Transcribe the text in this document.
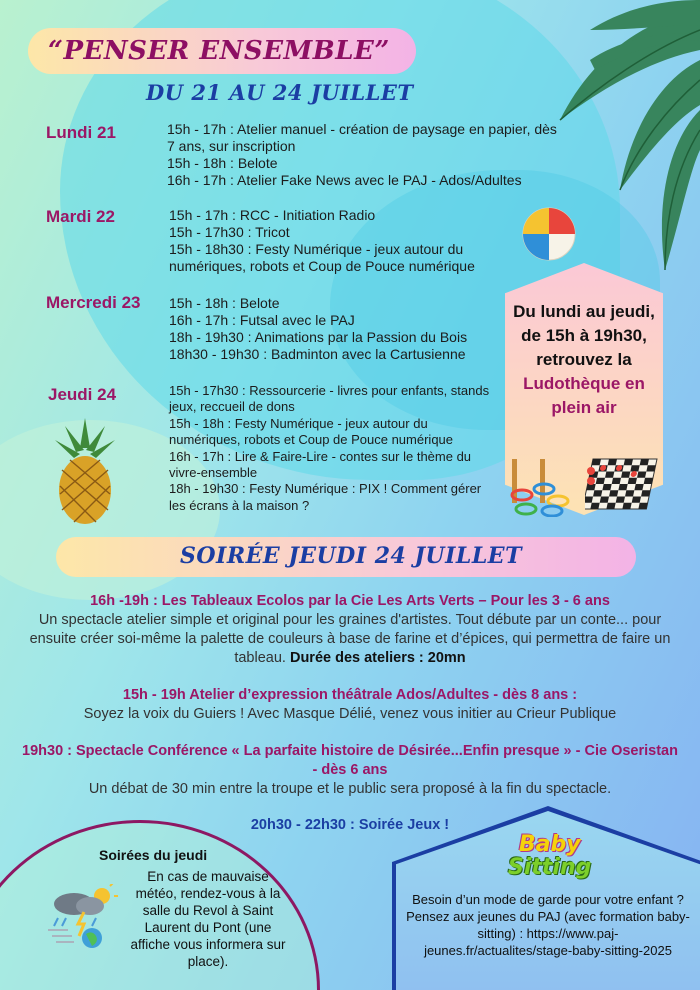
“PENSER ENSEMBLE”
DU 21 AU 24 JUILLET
Lundi 21	15h - 17h : Atelier manuel - création de paysage en papier, dès 7 ans, sur inscription
15h - 18h : Belote
16h - 17h : Atelier Fake News avec le PAJ - Ados/Adultes
Mardi 22	15h - 17h : RCC - Initiation Radio
15h - 17h30 : Tricot
15h - 18h30 : Festy Numérique - jeux autour du numériques, robots et Coup de Pouce numérique
Mercredi 23 15h - 18h : Belote
16h - 17h : Futsal avec le PAJ
18h - 19h30 : Animations par la Passion du Bois
18h30 - 19h30 : Badminton avec la Cartusienne
Jeudi 24	15h - 17h30 : Ressourcerie - livres pour enfants, stands jeux, reccueil de dons
15h - 18h : Festy Numérique - jeux autour du numériques, robots et Coup de Pouce numérique
16h - 17h : Lire & Faire-Lire - contes sur le thème du vivre-ensemble
18h - 19h30 : Festy Numérique : PIX ! Comment gérer les écrans à la maison ?
Du lundi au jeudi, de 15h à 19h30, retrouvez la Ludothèque en plein air
SOIRÉE JEUDI 24 JUILLET
16h -19h : Les Tableaux Ecolos par la Cie Les Arts Verts – Pour les 3 - 6 ans
Un spectacle atelier simple et original pour les graines d'artistes. Tout débute par un conte... pour ensuite créer soi-même la palette de couleurs à base de farine et d’épices, qui permettra de faire un tableau. Durée des ateliers : 20mn
15h - 19h Atelier d’expression théâtrale Ados/Adultes - dès 8 ans :
Soyez la voix du Guiers ! Avec Masque Délié, venez vous initier au Crieur Publique
19h30 : Spectacle Conférence « La parfaite histoire de Désirée...Enfin presque » - Cie Oseristan - dès 6 ans
Un débat de 30 min entre la troupe et le public sera proposé à la fin du spectacle.
20h30 - 22h30 : Soirée Jeux !
Soirées du jeudi
En cas de mauvaise météo, rendez-vous à la salle du Revol à Saint Laurent du Pont (une affiche vous informera sur place).
Baby
Sitting
Besoin d’un mode de garde pour votre enfant ? Pensez aux jeunes du PAJ (avec formation baby-sitting) : https://www.paj-jeunes.fr/actualites/stage-baby-sitting-2025
